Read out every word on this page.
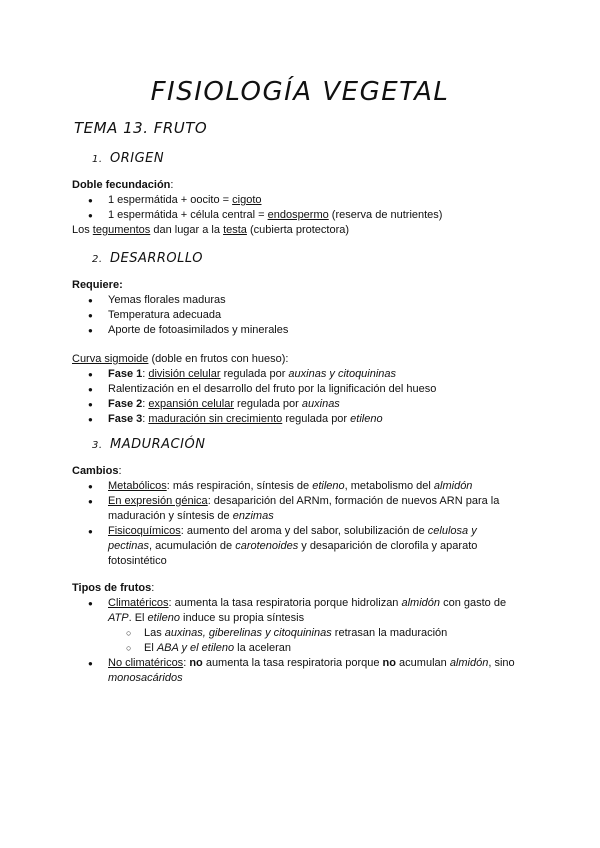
FISIOLOGÍA VEGETAL
TEMA 13. FRUTO
1. ORIGEN

Doble fecundación:

● 1 espermátida + oocito = cigoto
● 1 espermátida + célula central = endospermo (reserva de nutrientes)

Los tegumentos dan lugar a la testa (cubierta protectora)

2. DESARROLLO

Requiere:

● Yemas florales maduras
● Temperatura adecuada
● Aporte de fotoasimilados y minerales

Curva sigmoide (doble en frutos con hueso):

● Fase 1: división celular regulada por auxinas y citoquininas
● Ralentización en el desarrollo del fruto por la lignificación del hueso
● Fase 2: expansión celular regulada por auxinas
● Fase 3: maduración sin crecimiento regulada por etileno
3. MADURACIÓN

Cambios:

● Metabólicos: más respiración, síntesis de etileno, metabolismo del almidón
● En expresión génica: desaparición del ARNm, formación de nuevos ARN para la maduración y síntesis de enzimas
● Fisicoquímicos: aumento del aroma y del sabor, solubilización de celulosa y pectinas, acumulación de carotenoides y desaparición de clorofila y aparato fotosintético

Tipos de frutos:

● Climatéricos: aumenta la tasa respiratoria porque hidrolizan almidón con gasto de ATP. El etileno induce su propia síntesis
○ Las auxinas, giberelinas y citoquininas retrasan la maduración
○ El ABA y el etileno la aceleran
● No climatéricos: no aumenta la tasa respiratoria porque no acumulan almidón, sino monosacáridos
